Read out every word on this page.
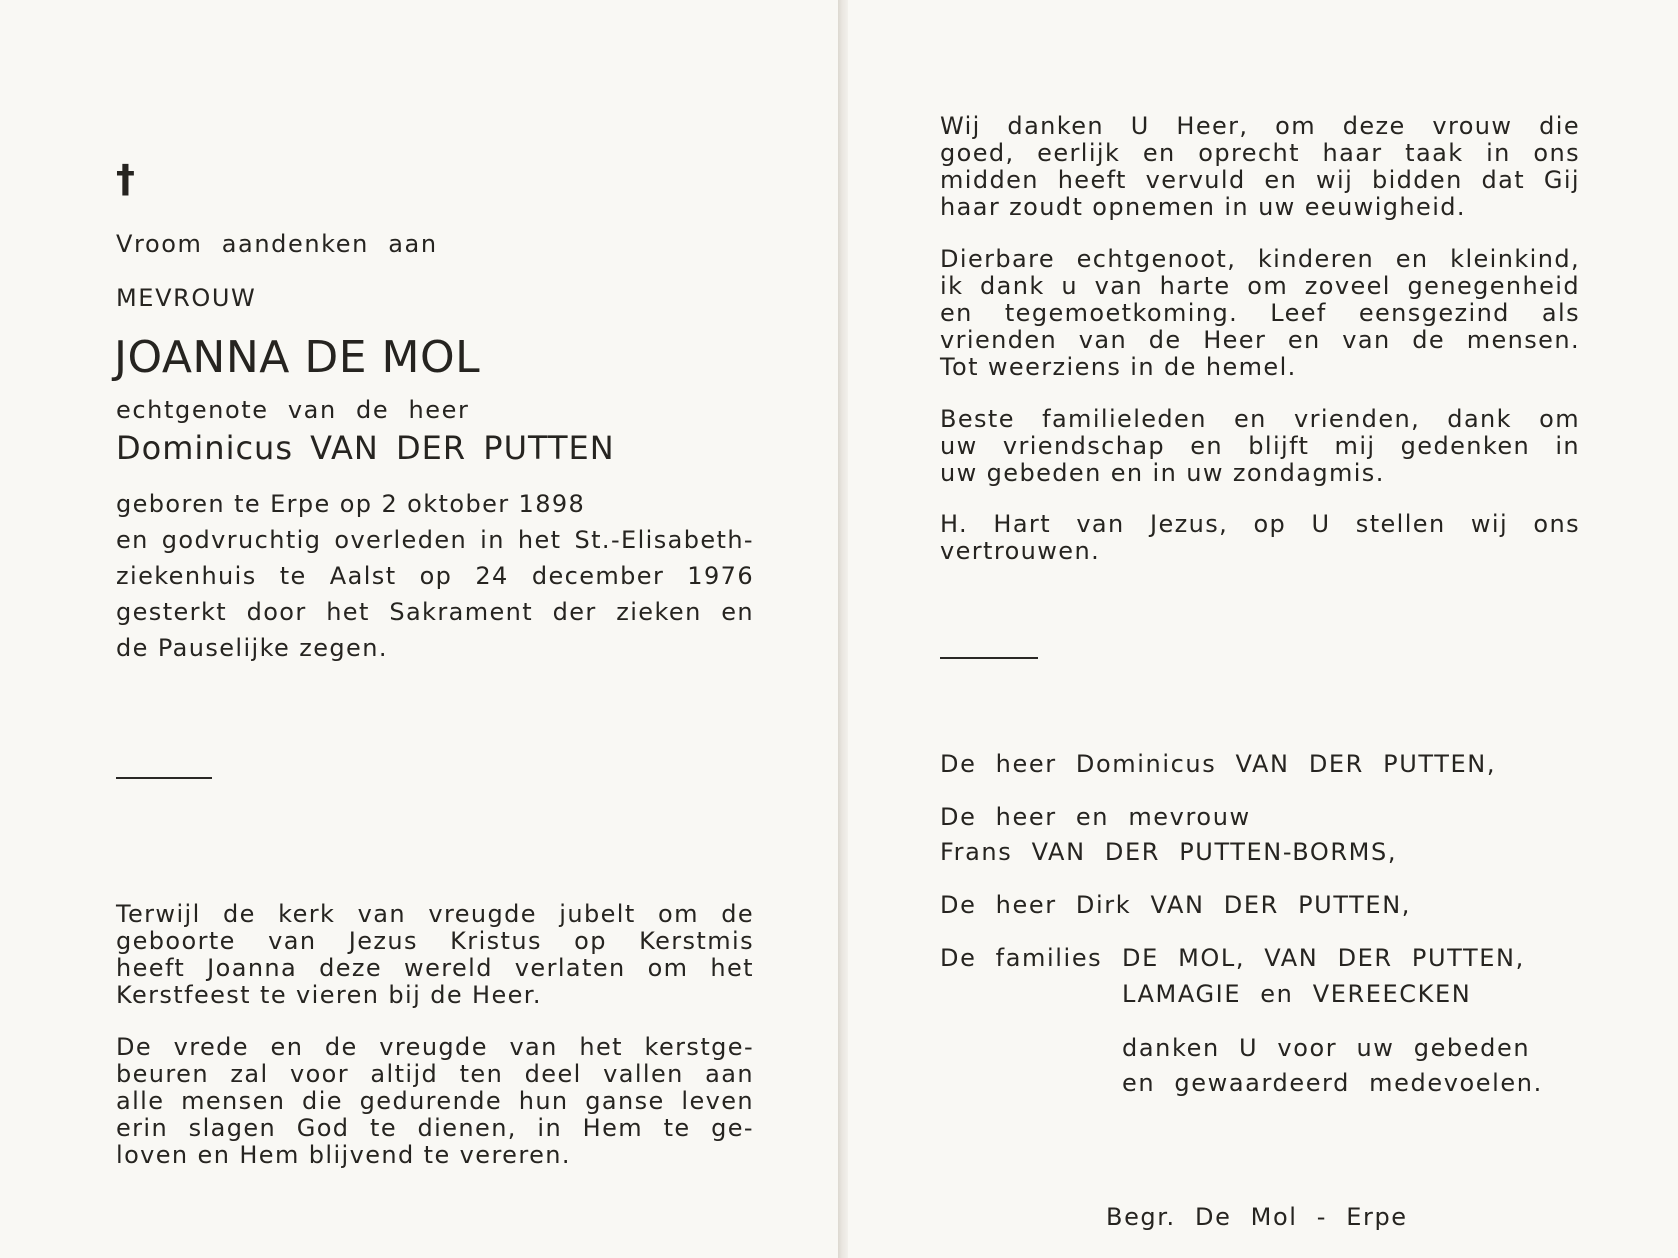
†
Vroom aandenken aan
MEVROUW
JOANNA DE MOL
echtgenote van de heer
Dominicus VAN DER PUTTEN
geboren te Erpe op 2 oktober 1898
en godvruchtig overleden in het St.-Elisabeth-
ziekenhuis te Aalst op 24 december 1976
gesterkt door het Sakrament der zieken en
de Pauselijke zegen.
Terwijl de kerk van vreugde jubelt om de
geboorte van Jezus Kristus op Kerstmis
heeft Joanna deze wereld verlaten om het
Kerstfeest te vieren bij de Heer.
De vrede en de vreugde van het kerstge-
beuren zal voor altijd ten deel vallen aan
alle mensen die gedurende hun ganse leven
erin slagen God te dienen, in Hem te ge-
loven en Hem blijvend te vereren.
Wij danken U Heer, om deze vrouw die
goed, eerlijk en oprecht haar taak in ons
midden heeft vervuld en wij bidden dat Gij
haar zoudt opnemen in uw eeuwigheid.
Dierbare echtgenoot, kinderen en kleinkind,
ik dank u van harte om zoveel genegenheid
en tegemoetkoming. Leef eensgezind als
vrienden van de Heer en van de mensen.
Tot weerziens in de hemel.
Beste familieleden en vrienden, dank om
uw vriendschap en blijft mij gedenken in
uw gebeden en in uw zondagmis.
H. Hart van Jezus, op U stellen wij ons
vertrouwen.
De heer Dominicus VAN DER PUTTEN,
De heer en mevrouw
Frans VAN DER PUTTEN-BORMS,
De heer Dirk VAN DER PUTTEN,
De families DE MOL, VAN DER PUTTEN,
LAMAGIE en VEREECKEN
danken U voor uw gebeden
en gewaardeerd medevoelen.
Begr. De Mol - Erpe
